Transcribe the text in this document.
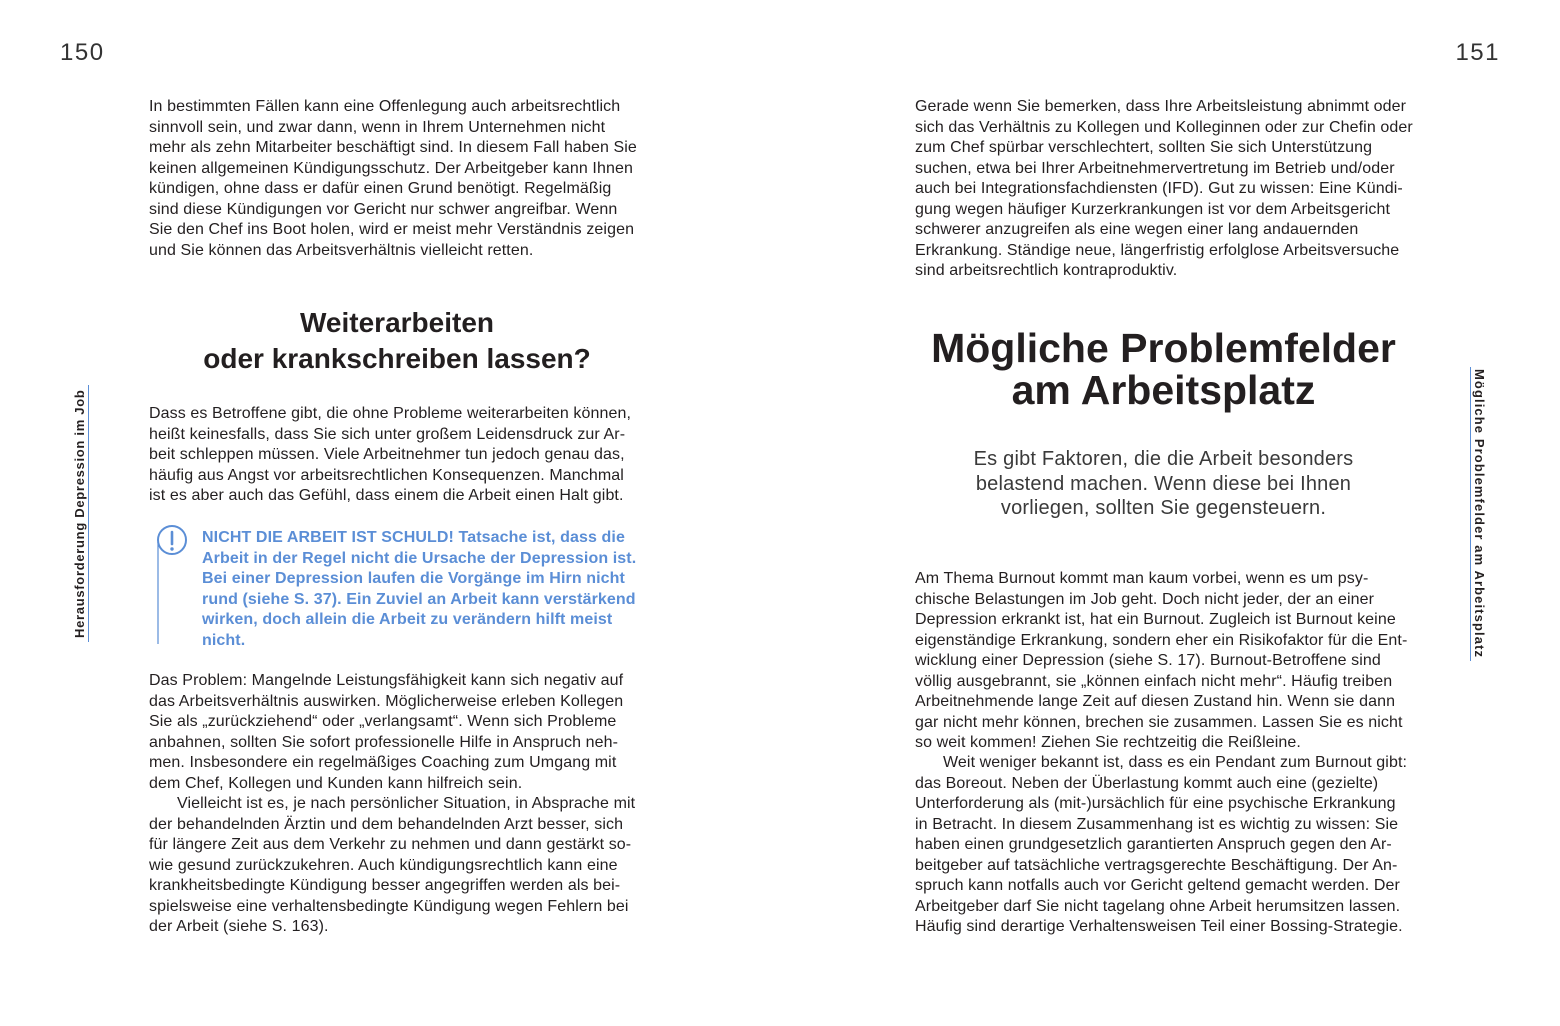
150
Herausforderung Depression im Job
In bestimmten Fällen kann eine Offenlegung auch arbeitsrechtlich
sinnvoll sein, und zwar dann, wenn in Ihrem Unternehmen nicht
mehr als zehn Mitarbeiter beschäftigt sind. In diesem Fall haben Sie
keinen allgemeinen Kündigungsschutz. Der Arbeitgeber kann Ihnen
kündigen, ohne dass er dafür einen Grund benötigt. Regelmäßig
sind diese Kündigungen vor Gericht nur schwer angreifbar. Wenn
Sie den Chef ins Boot holen, wird er meist mehr Verständnis zeigen
und Sie können das Arbeitsverhältnis vielleicht retten.
Weiterarbeiten
oder krankschreiben lassen?
Dass es Betroffene gibt, die ohne Probleme weiterarbeiten können,
heißt keinesfalls, dass Sie sich unter großem Leidensdruck zur Ar-
beit schleppen müssen. Viele Arbeitnehmer tun jedoch genau das,
häufig aus Angst vor arbeitsrechtlichen Konsequenzen. Manchmal
ist es aber auch das Gefühl, dass einem die Arbeit einen Halt gibt.
NICHT DIE ARBEIT IST SCHULD! Tatsache ist, dass die
Arbeit in der Regel nicht die Ursache der Depression ist.
Bei einer Depression laufen die Vorgänge im Hirn nicht
rund (siehe S. 37). Ein Zuviel an Arbeit kann verstärkend
wirken, doch allein die Arbeit zu verändern hilft meist
nicht.
Das Problem: Mangelnde Leistungsfähigkeit kann sich negativ auf
das Arbeitsverhältnis auswirken. Möglicherweise erleben Kollegen
Sie als „zurückziehend“ oder „verlangsamt“. Wenn sich Probleme
anbahnen, sollten Sie sofort professionelle Hilfe in Anspruch neh-
men. Insbesondere ein regelmäßiges Coaching zum Umgang mit
dem Chef, Kollegen und Kunden kann hilfreich sein.
Vielleicht ist es, je nach persönlicher Situation, in Absprache mit
der behandelnden Ärztin und dem behandelnden Arzt besser, sich
für längere Zeit aus dem Verkehr zu nehmen und dann gestärkt so-
wie gesund zurückzukehren. Auch kündigungsrechtlich kann eine
krankheitsbedingte Kündigung besser angegriffen werden als bei-
spielsweise eine verhaltensbedingte Kündigung wegen Fehlern bei
der Arbeit (siehe S. 163).
151
Mögliche Problemfelder am Arbeitsplatz
Gerade wenn Sie bemerken, dass Ihre Arbeitsleistung abnimmt oder
sich das Verhältnis zu Kollegen und Kolleginnen oder zur Chefin oder
zum Chef spürbar verschlechtert, sollten Sie sich Unterstützung
suchen, etwa bei Ihrer Arbeitnehmervertretung im Betrieb und/oder
auch bei Integrationsfachdiensten (IFD). Gut zu wissen: Eine Kündi-
gung wegen häufiger Kurzerkrankungen ist vor dem Arbeitsgericht
schwerer anzugreifen als eine wegen einer lang andauernden
Erkrankung. Ständige neue, längerfristig erfolglose Arbeitsversuche
sind arbeitsrechtlich kontraproduktiv.
Mögliche Problemfelder
am Arbeitsplatz
Es gibt Faktoren, die die Arbeit besonders
belastend machen. Wenn diese bei Ihnen
vorliegen, sollten Sie gegensteuern.
Am Thema Burnout kommt man kaum vorbei, wenn es um psy-
chische Belastungen im Job geht. Doch nicht jeder, der an einer
Depression erkrankt ist, hat ein Burnout. Zugleich ist Burnout keine
eigenständige Erkrankung, sondern eher ein Risikofaktor für die Ent-
wicklung einer Depression (siehe S. 17). Burnout-Betroffene sind
völlig ausgebrannt, sie „können einfach nicht mehr“. Häufig treiben
Arbeitnehmende lange Zeit auf diesen Zustand hin. Wenn sie dann
gar nicht mehr können, brechen sie zusammen. Lassen Sie es nicht
so weit kommen! Ziehen Sie rechtzeitig die Reißleine.
Weit weniger bekannt ist, dass es ein Pendant zum Burnout gibt:
das Boreout. Neben der Überlastung kommt auch eine (gezielte)
Unterforderung als (mit-)ursächlich für eine psychische Erkrankung
in Betracht. In diesem Zusammenhang ist es wichtig zu wissen: Sie
haben einen grundgesetzlich garantierten Anspruch gegen den Ar-
beitgeber auf tatsächliche vertragsgerechte Beschäftigung. Der An-
spruch kann notfalls auch vor Gericht geltend gemacht werden. Der
Arbeitgeber darf Sie nicht tagelang ohne Arbeit herumsitzen lassen.
Häufig sind derartige Verhaltensweisen Teil einer Bossing-Strategie.
